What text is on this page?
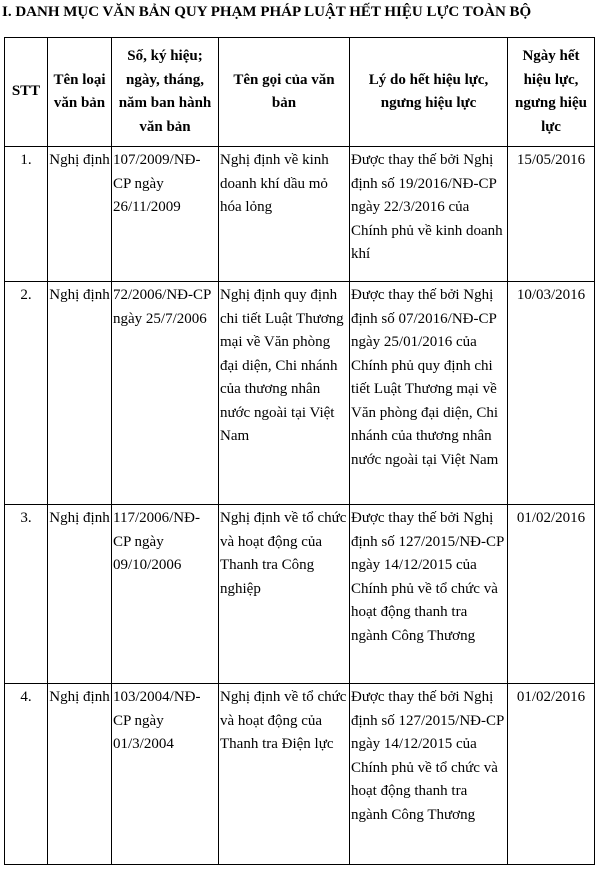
I. DANH MỤC VĂN BẢN QUY PHẠM PHÁP LUẬT HẾT HIỆU LỰC TOÀN BỘ
STT	Tên loại văn bản	Số, ký hiệu; ngày, tháng, năm ban hành văn bản	Tên gọi của văn bản	Lý do hết hiệu lực, ngưng hiệu lực	Ngày hết hiệu lực, ngưng hiệu lực

1.	Nghị định	107/2009/NĐ-CP ngày 26/11/2009	Nghị định về kinh doanh khí dầu mỏ hóa lỏng	Được thay thế bởi Nghị định số 19/2016/NĐ-CP ngày 22/3/2016 của Chính phủ về kinh doanh khí	15/05/2016

2.	Nghị định	72/2006/NĐ-CP ngày 25/7/2006	Nghị định quy định chi tiết Luật Thương mại về Văn phòng đại diện, Chi nhánh của thương nhân nước ngoài tại Việt Nam	Được thay thế bởi Nghị định số 07/2016/NĐ-CP ngày 25/01/2016 của Chính phủ quy định chi tiết Luật Thương mại về Văn phòng đại diện, Chi nhánh của thương nhân nước ngoài tại Việt Nam	10/03/2016

3.	Nghị định	117/2006/NĐ-CP ngày 09/10/2006	Nghị định về tổ chức và hoạt động của Thanh tra Công nghiệp	Được thay thế bởi Nghị định số 127/2015/NĐ-CP ngày 14/12/2015 của Chính phủ về tổ chức và hoạt động thanh tra ngành Công Thương	01/02/2016

4.	Nghị định	103/2004/NĐ-CP ngày 01/3/2004	Nghị định về tổ chức và hoạt động của Thanh tra Điện lực	Được thay thế bởi Nghị định số 127/2015/NĐ-CP ngày 14/12/2015 của Chính phủ về tổ chức và hoạt động thanh tra ngành Công Thương	01/02/2016
